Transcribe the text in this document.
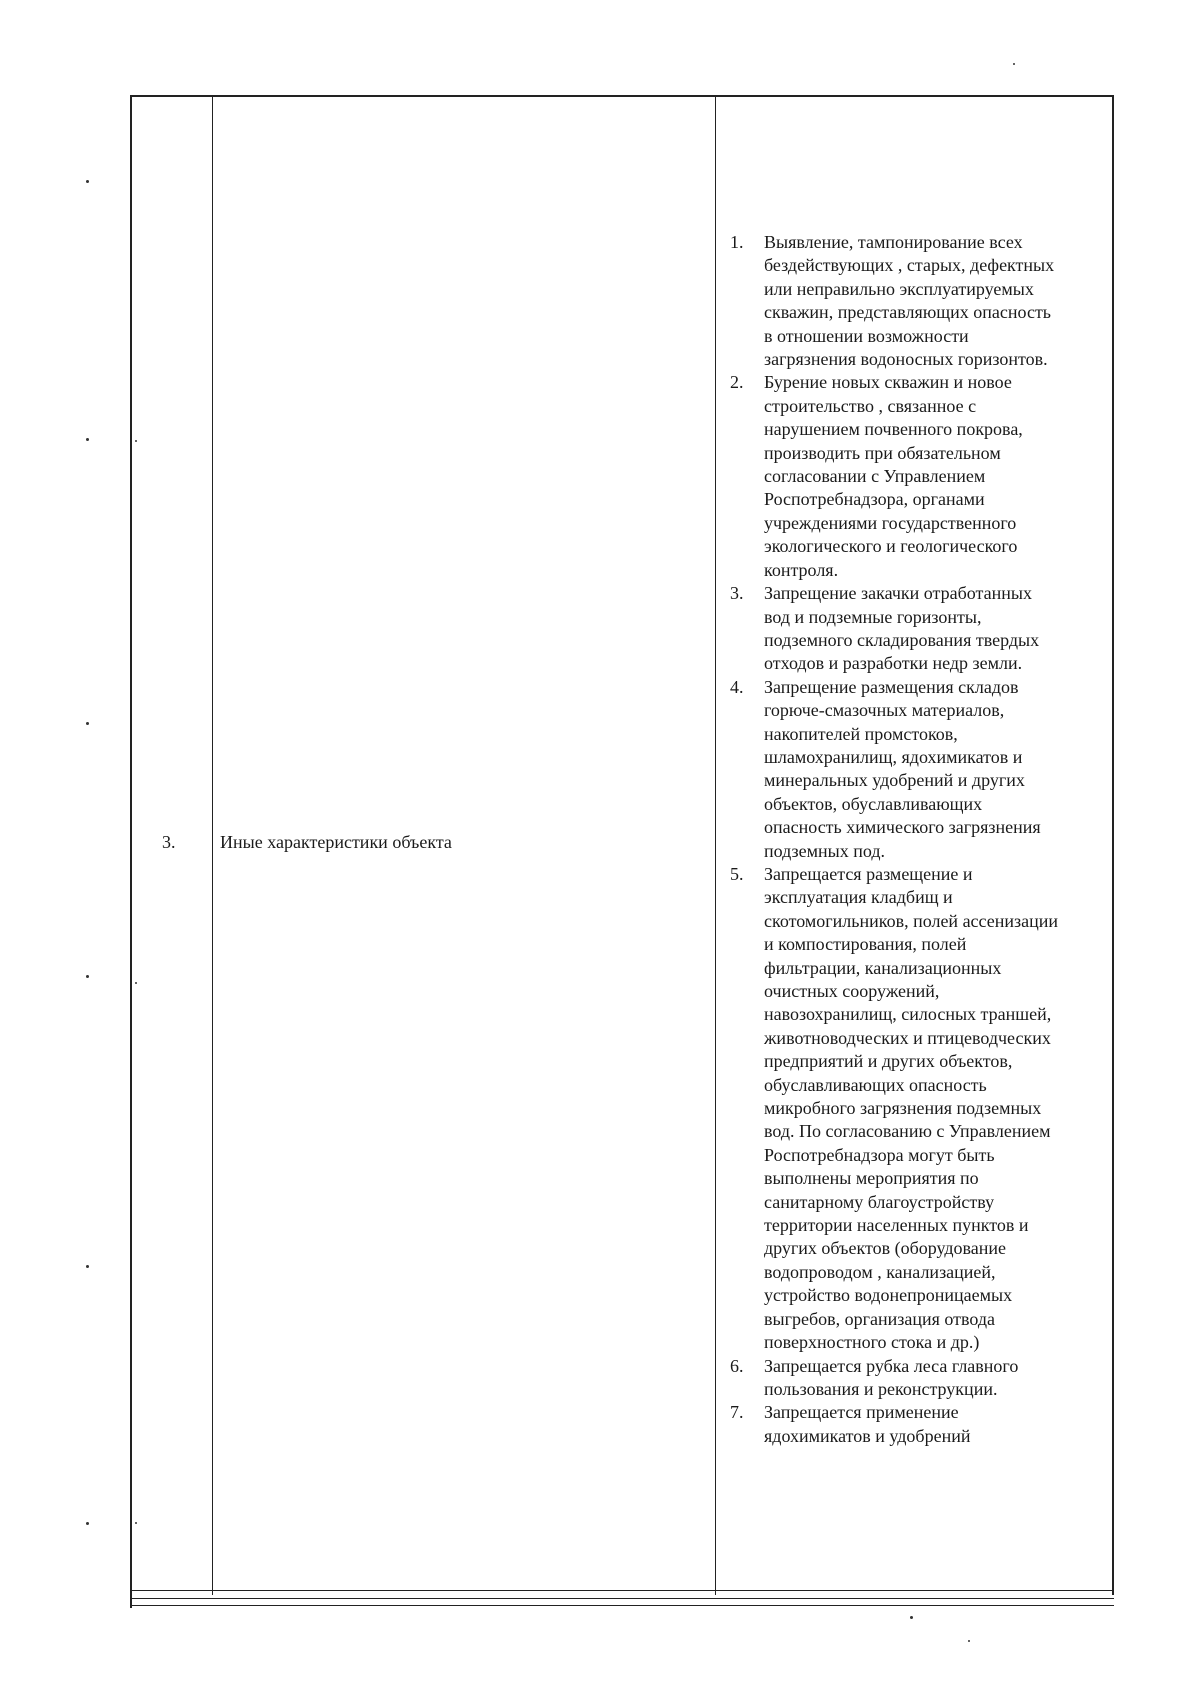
3. Иные характеристики объекта
1.	Выявление, тампонирование всех
бездействующих , старых, дефектных
или неправильно эксплуатируемых
скважин, представляющих опасность
в отношении возможности
загрязнения водоносных горизонтов.
2.	Бурение новых скважин и новое
строительство , связанное с
нарушением почвенного покрова,
производить при обязательном
согласовании с Управлением
Роспотребнадзора, органами
учреждениями государственного
экологического и геологического
контроля.
3.	Запрещение закачки отработанных
вод и подземные горизонты,
подземного складирования твердых
отходов и разработки недр земли.
4.	Запрещение размещения складов
горюче-смазочных материалов,
накопителей промстоков,
шламохранилищ, ядохимикатов и
минеральных удобрений и других
объектов, обуславливающих
опасность химического загрязнения
подземных под.
5.	Запрещается размещение и
эксплуатация кладбищ и
скотомогильников, полей ассенизации
и компостирования, полей
фильтрации, канализационных
очистных сооружений,
навозохранилищ, силосных траншей,
животноводческих и птицеводческих
предприятий и других объектов,
обуславливающих опасность
микробного загрязнения подземных
вод. По согласованию с Управлением
Роспотребнадзора могут быть
выполнены мероприятия по
санитарному благоустройству
территории населенных пунктов и
других объектов (оборудование
водопроводом , канализацией,
устройство водонепроницаемых
выгребов, организация отвода
поверхностного стока и др.)
6.	Запрещается рубка леса главного
пользования и реконструкции.
7.	Запрещается применение
ядохимикатов и удобрений
